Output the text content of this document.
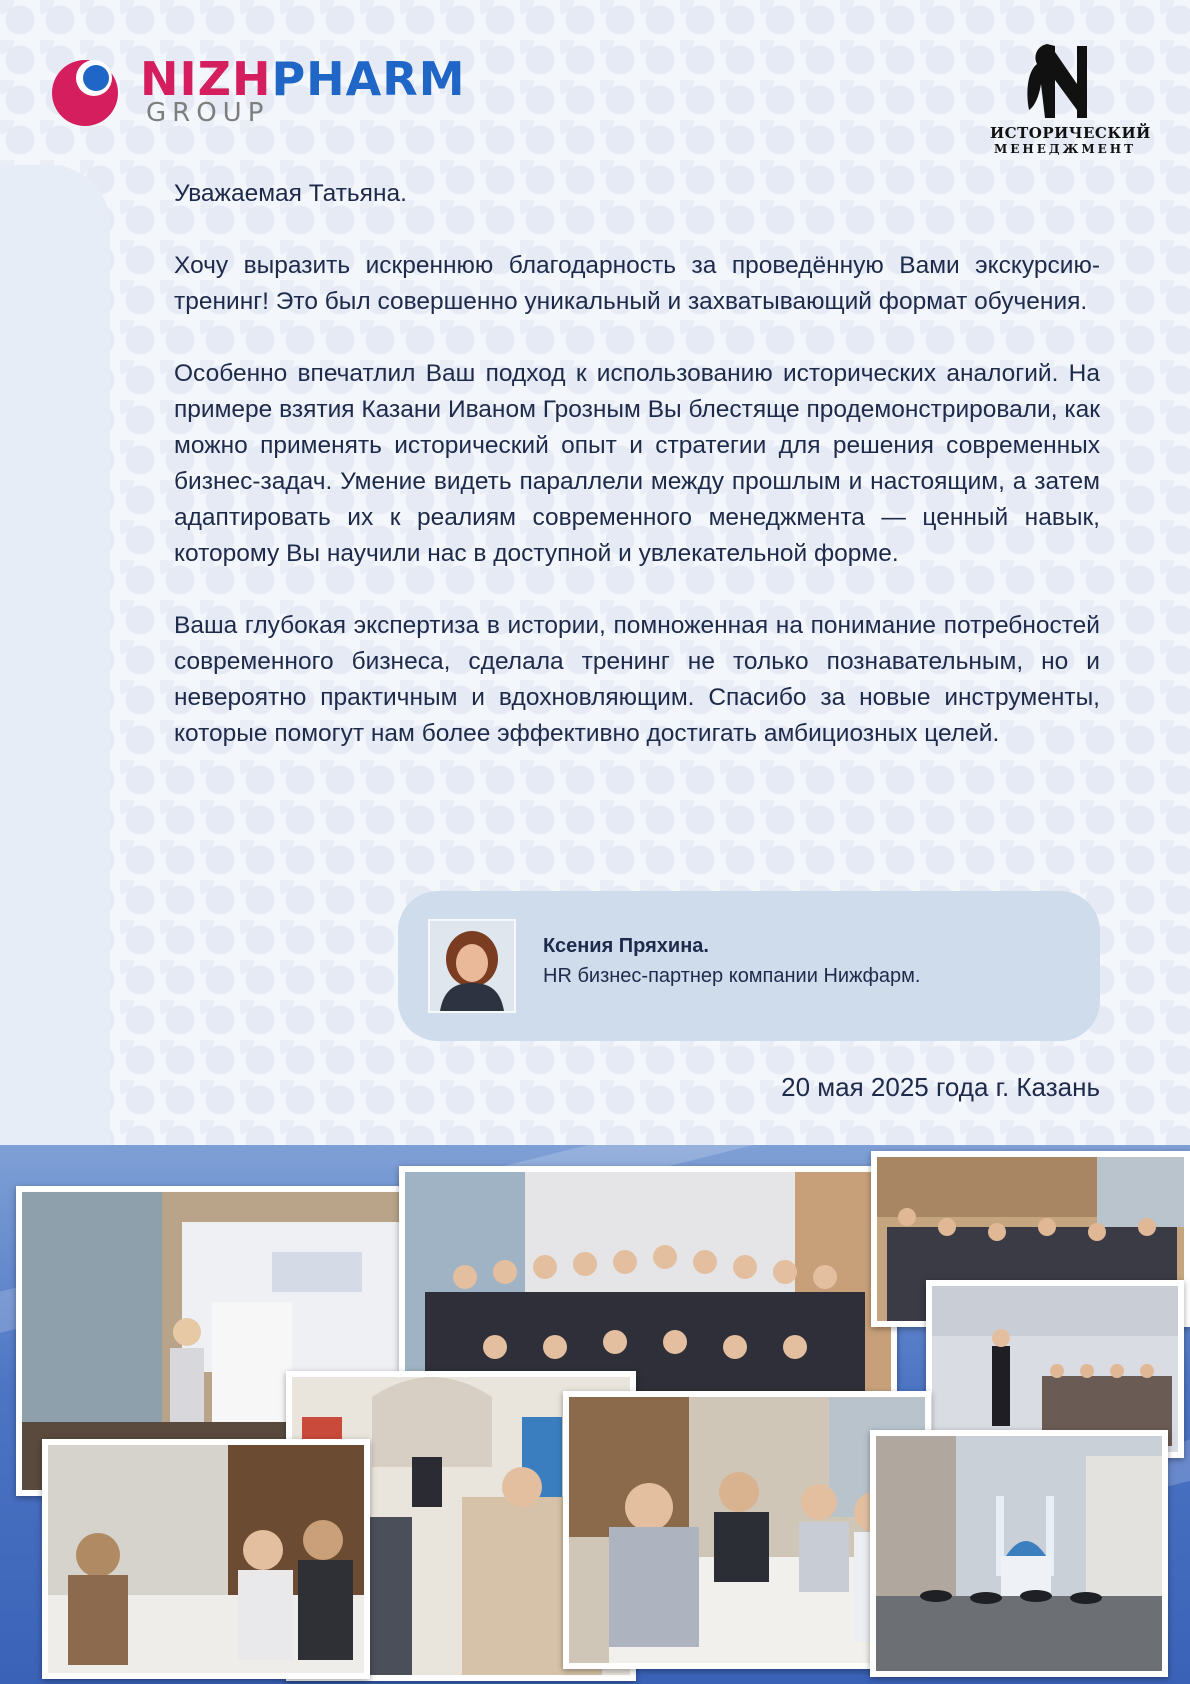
NIZHPHARM
GROUP
ИСТОРИЧЕСКИЙ
МЕНЕДЖМЕНТ

Уважаемая Татьяна.

Хочу выразить искреннюю благодарность за проведённую Вами экскурсию-тренинг! Это был совершенно уникальный и захватывающий формат обучения.

Особенно впечатлил Ваш подход к использованию исторических аналогий. На примере взятия Казани Иваном Грозным Вы блестяще продемонстрировали, как можно применять исторический опыт и стратегии для решения современных бизнес-задач. Умение видеть параллели между прошлым и настоящим, а затем адаптировать их к реалиям современного менеджмента — ценный навык, которому Вы научили нас в доступной и увлекательной форме.

Ваша глубокая экспертиза в истории, помноженная на понимание потребностей современного бизнеса, сделала тренинг не только познавательным, но и невероятно практичным и вдохновляющим. Спасибо за новые инструменты, которые помогут нам более эффективно достигать амбициозных целей.

Ксения Пряхина.
HR бизнес-партнер компании Нижфарм.
20 мая 2025 года г. Казань
